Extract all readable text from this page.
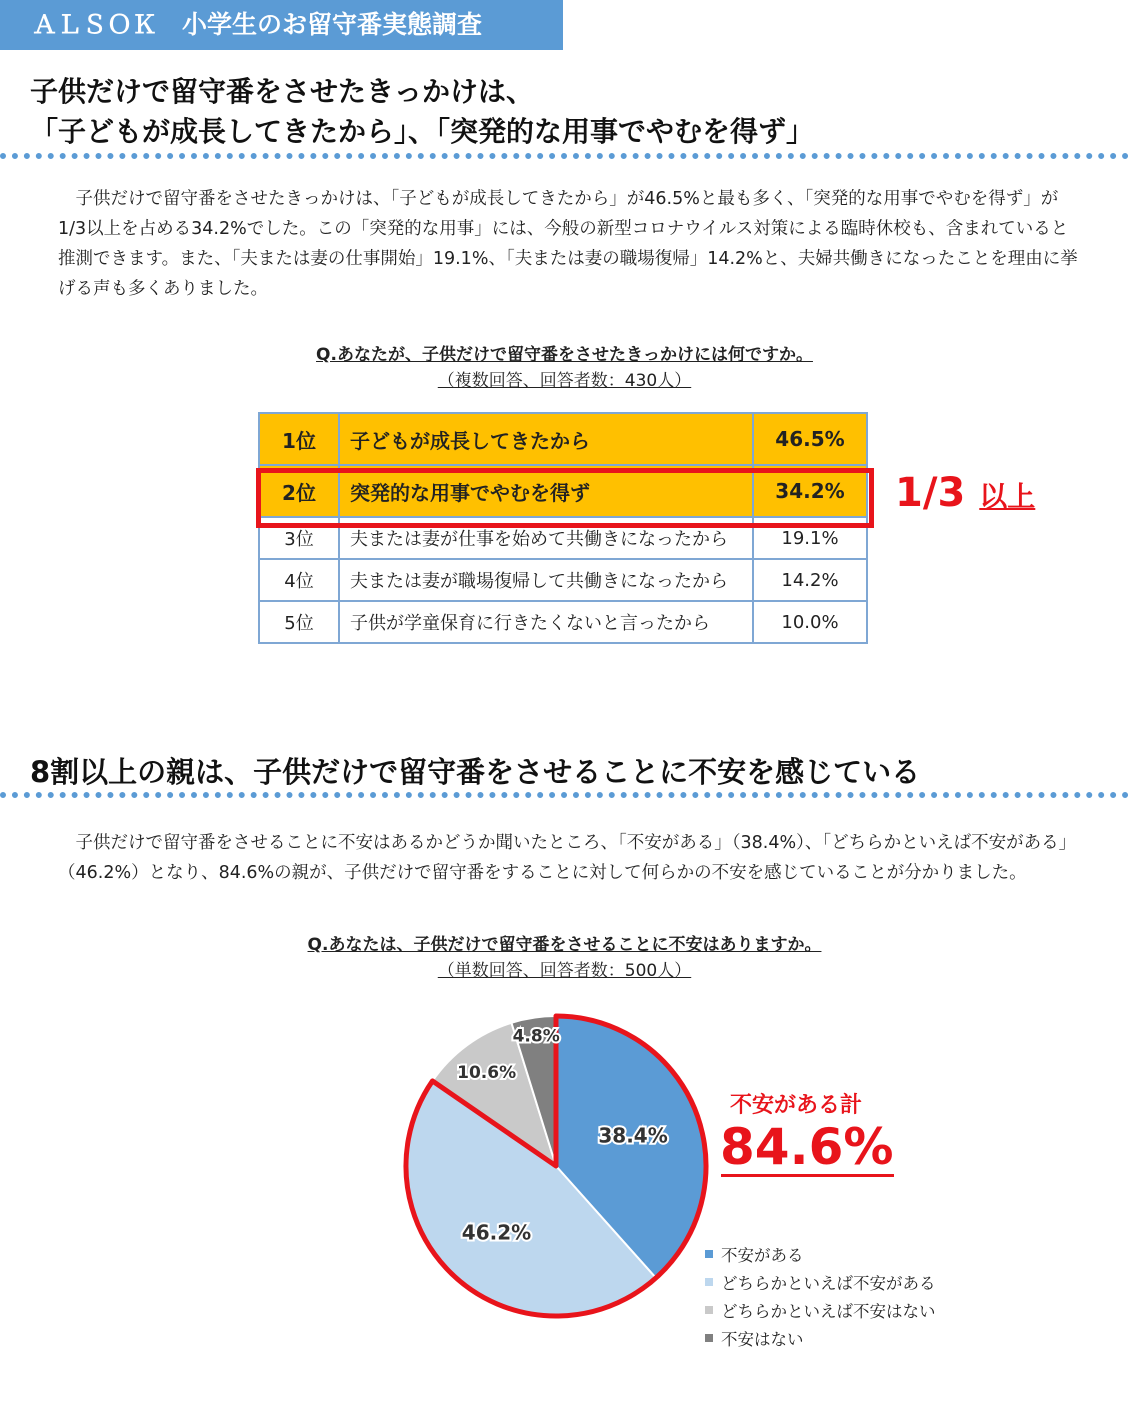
ＡＬＳＯＫ　小学生のお留守番実態調査
子供だけで留守番をさせたきっかけは、
「子どもが成長してきたから」、「突発的な用事でやむを得ず」
子供だけで留守番をさせたきっかけは、「子どもが成長してきたから」が46.5%と最も多く、「突発的な用事でやむを得ず」が1/3以上を占める34.2%でした。この「突発的な用事」には、今般の新型コロナウイルス対策による臨時休校も、含まれていると推測できます。また、「夫または妻の仕事開始」19.1%、「夫または妻の職場復帰」14.2%と、夫婦共働きになったことを理由に挙げる声も多くありました。
Q.あなたが、子供だけで留守番をさせたきっかけには何ですか。
（複数回答、回答者数：430人）
1位	子どもが成長してきたから	46.5%
2位	突発的な用事でやむを得ず	34.2%
3位	夫または妻が仕事を始めて共働きになったから	19.1%
4位	夫または妻が職場復帰して共働きになったから	14.2%
5位	子供が学童保育に行きたくないと言ったから	10.0%
1/3 以上
8割以上の親は、子供だけで留守番をさせることに不安を感じている
子供だけで留守番をさせることに不安はあるかどうか聞いたところ、「不安がある」（38.4%）、「どちらかといえば不安がある」（46.2%）となり、84.6%の親が、子供だけで留守番をすることに対して何らかの不安を感じていることが分かりました。
Q.あなたは、子供だけで留守番をさせることに不安はありますか。
（単数回答、回答者数：500人）
38.4%
46.2%
10.6%
4.8%
不安がある計
84.6%
不安がある
どちらかといえば不安がある
どちらかといえば不安はない
不安はない
